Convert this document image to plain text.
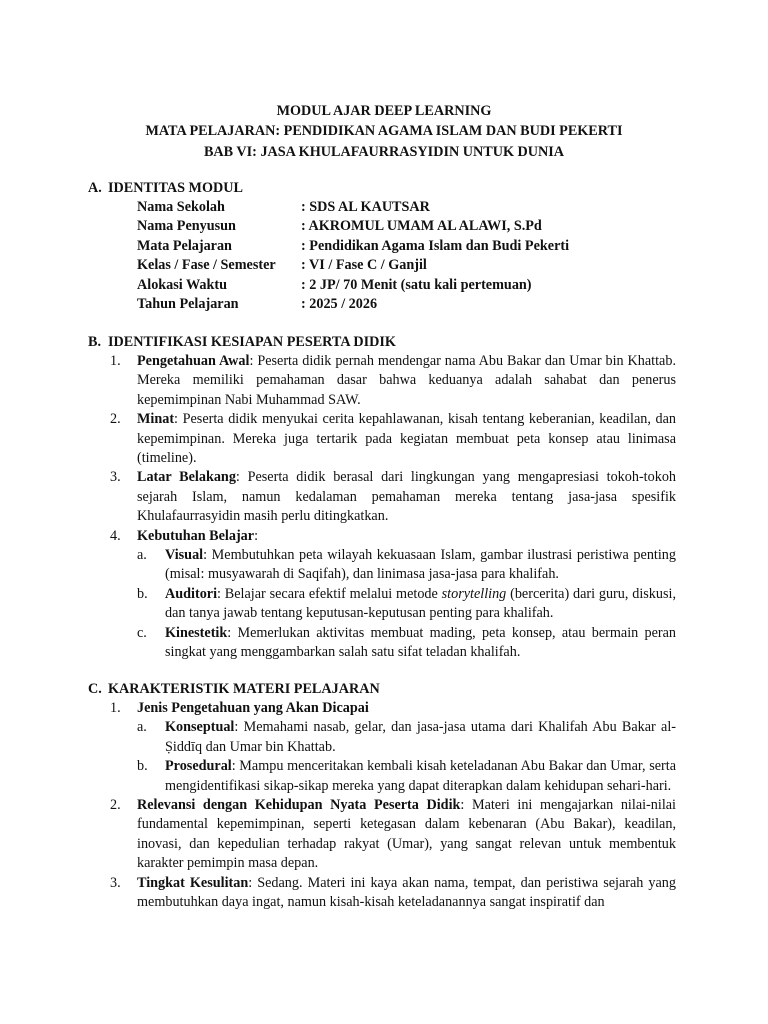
MODUL AJAR DEEP LEARNING
MATA PELAJARAN: PENDIDIKAN AGAMA ISLAM DAN BUDI PEKERTI
BAB VI: JASA KHULAFAURRASYIDIN UNTUK DUNIA
A. IDENTITAS MODUL
Nama Sekolah	: SDS AL KAUTSAR
Nama Penyusun	: AKROMUL UMAM AL ALAWI, S.Pd
Mata Pelajaran	: Pendidikan Agama Islam dan Budi Pekerti
Kelas / Fase / Semester	: VI / Fase C / Ganjil
Alokasi Waktu	: 2 JP/ 70 Menit (satu kali pertemuan)
Tahun Pelajaran	: 2025 / 2026
B. IDENTIFIKASI KESIAPAN PESERTA DIDIK
1.	Pengetahuan Awal: Peserta didik pernah mendengar nama Abu Bakar dan Umar bin Khattab. Mereka memiliki pemahaman dasar bahwa keduanya adalah sahabat dan penerus kepemimpinan Nabi Muhammad SAW.
2.	Minat: Peserta didik menyukai cerita kepahlawanan, kisah tentang keberanian, keadilan, dan kepemimpinan. Mereka juga tertarik pada kegiatan membuat peta konsep atau linimasa (timeline).
3.	Latar Belakang: Peserta didik berasal dari lingkungan yang mengapresiasi tokoh-tokoh sejarah Islam, namun kedalaman pemahaman mereka tentang jasa-jasa spesifik Khulafaurrasyidin masih perlu ditingkatkan.
4.	Kebutuhan Belajar:
a.	Visual: Membutuhkan peta wilayah kekuasaan Islam, gambar ilustrasi peristiwa penting (misal: musyawarah di Saqifah), dan linimasa jasa-jasa para khalifah.
b.	Auditori: Belajar secara efektif melalui metode storytelling (bercerita) dari guru, diskusi, dan tanya jawab tentang keputusan-keputusan penting para khalifah.
c.	Kinestetik: Memerlukan aktivitas membuat mading, peta konsep, atau bermain peran singkat yang menggambarkan salah satu sifat teladan khalifah.
C. KARAKTERISTIK MATERI PELAJARAN
1.	Jenis Pengetahuan yang Akan Dicapai
a.	Konseptual: Memahami nasab, gelar, dan jasa-jasa utama dari Khalifah Abu Bakar al-Ṣiddīq dan Umar bin Khattab.
b.	Prosedural: Mampu menceritakan kembali kisah keteladanan Abu Bakar dan Umar, serta mengidentifikasi sikap-sikap mereka yang dapat diterapkan dalam kehidupan sehari-hari.
2.	Relevansi dengan Kehidupan Nyata Peserta Didik: Materi ini mengajarkan nilai-nilai fundamental kepemimpinan, seperti ketegasan dalam kebenaran (Abu Bakar), keadilan, inovasi, dan kepedulian terhadap rakyat (Umar), yang sangat relevan untuk membentuk karakter pemimpin masa depan.
3.	Tingkat Kesulitan: Sedang. Materi ini kaya akan nama, tempat, dan peristiwa sejarah yang membutuhkan daya ingat, namun kisah-kisah keteladanannya sangat inspiratif dan
